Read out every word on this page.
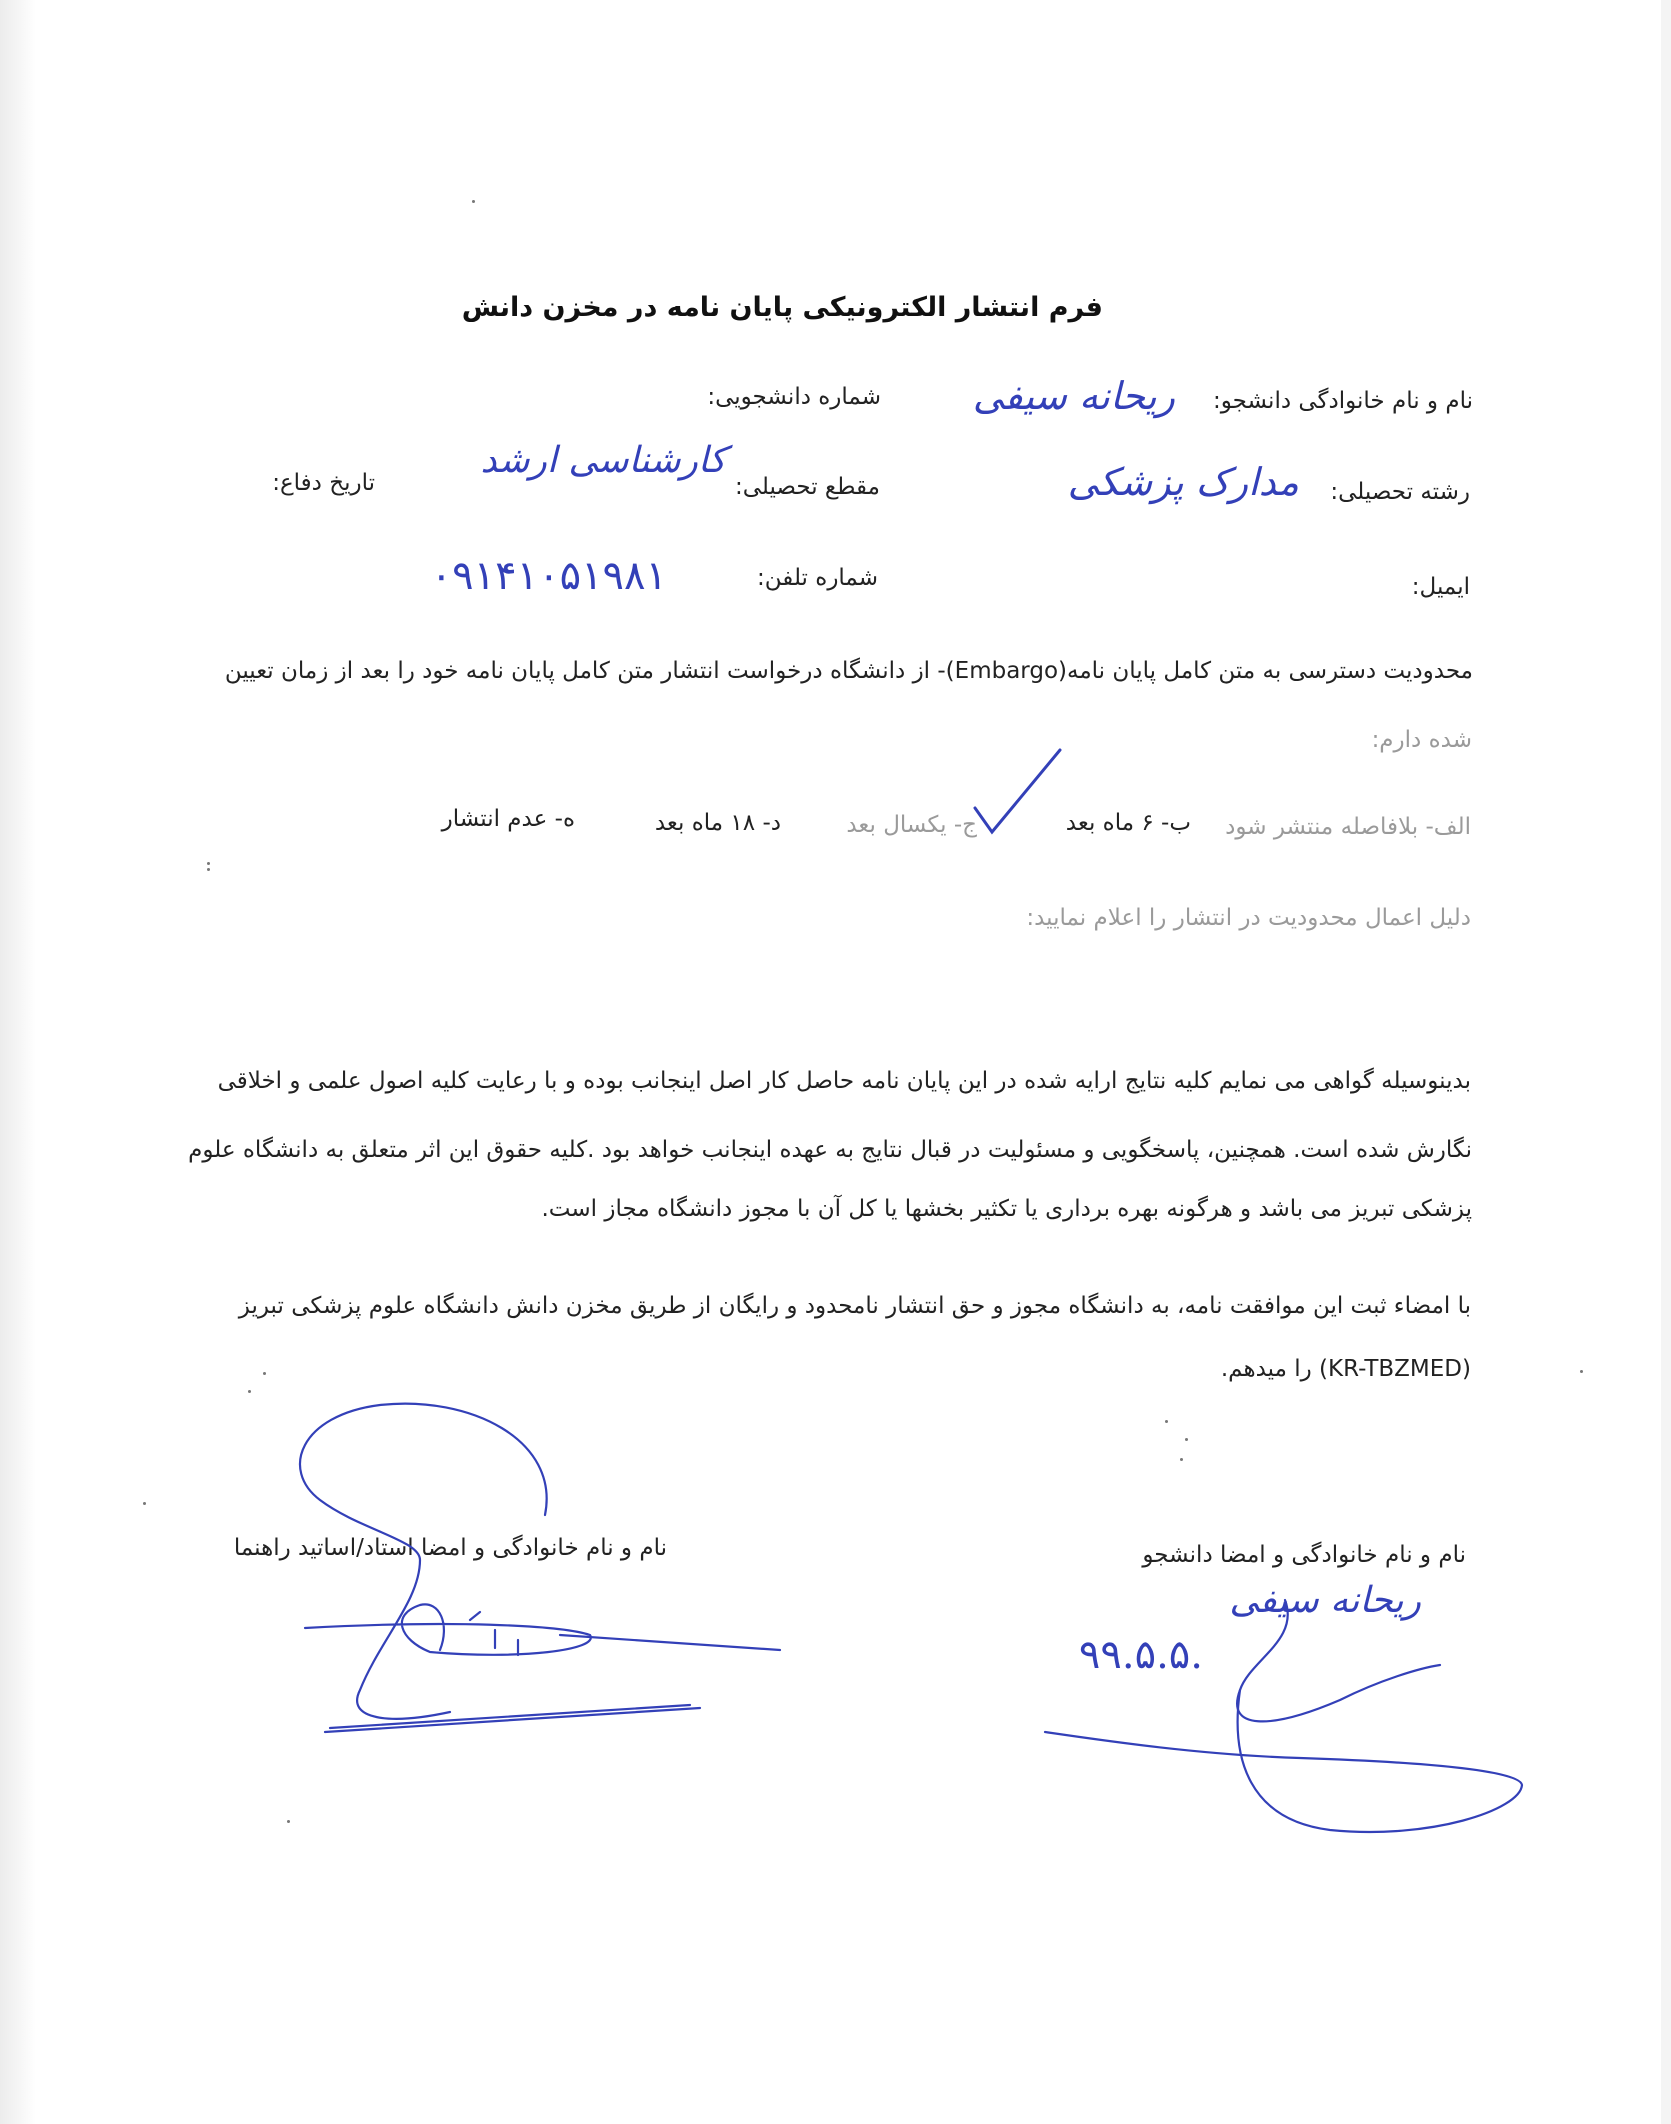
فرم انتشار الکترونیکی پایان نامه در مخزن دانش
نام و نام خانوادگی دانشجو:
ریحانه سیفی
شماره دانشجویی:
رشته تحصیلی:
مدارک پزشکی
مقطع تحصیلی:
کارشناسی ارشد
تاریخ دفاع:
ایمیل:
شماره تلفن:
۰۹۱۴۱۰۵۱۹۸۱
محدودیت دسترسی به متن کامل پایان نامه(Embargo)- از دانشگاه درخواست انتشار متن کامل پایان نامه خود را بعد از زمان تعیین
شده دارم:
الف- بلافاصله منتشر شود
ب- ۶ ماه بعد
ج- یکسال بعد
د- ۱۸ ماه بعد
ه- عدم انتشار
دلیل اعمال محدودیت در انتشار را اعلام نمایید:
بدینوسیله گواهی می نمایم کلیه نتایج ارایه شده در این پایان نامه حاصل کار اصل اینجانب بوده و با رعایت کلیه اصول علمی و اخلاقی
نگارش شده است. همچنین، پاسخگویی و مسئولیت در قبال نتایج به عهده اینجانب خواهد بود .کلیه حقوق این اثر متعلق به دانشگاه علوم
پزشکی تبریز می باشد و هرگونه بهره برداری یا تکثیر بخشها یا کل آن با مجوز دانشگاه مجاز است.
با امضاء ثبت این موافقت نامه، به دانشگاه مجوز و حق انتشار نامحدود و رایگان از طریق مخزن دانش دانشگاه علوم پزشکی تبریز
(KR-TBZMED) را میدهم.
نام و نام خانوادگی و امضا استاد/اساتید راهنما	نام و نام خانوادگی و امضا دانشجو
ریحانه سیفی
۹۹.۵.۵.
